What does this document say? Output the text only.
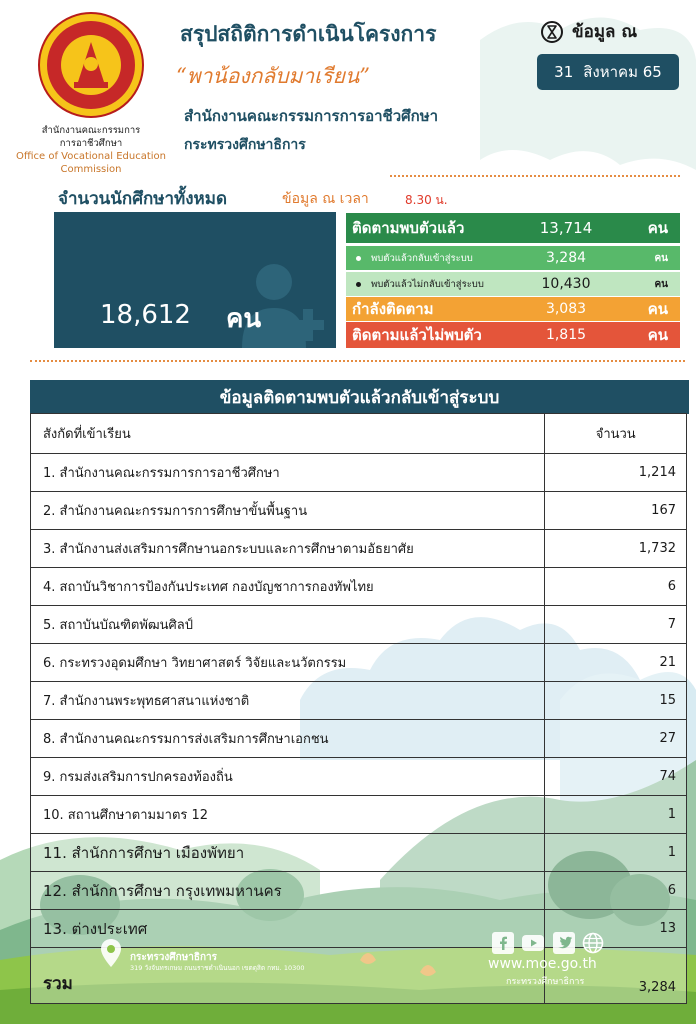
สำนักงานคณะกรรมการ
การอาชีวศึกษา
Office of Vocational Education
Commission
สรุปสถิติการดำเนินโครงการ
“พาน้องกลับมาเรียน”
สำนักงานคณะกรรมการการอาชีวศึกษา
กระทรวงศึกษาธิการ
ข้อมูล ณ
31 สิงหาคม 65
จำนวนนักศึกษาทั้งหมด	ข้อมูล ณ เวลา	8.30 น.
18,612 คน
ติดตามพบตัวแล้ว	13,714	คน
พบตัวแล้วกลับเข้าสู่ระบบ	3,284	คน
พบตัวแล้วไม่กลับเข้าสู่ระบบ	10,430	คน
กำลังติดตาม	3,083	คน
ติดตามแล้วไม่พบตัว	1,815	คน
ข้อมูลติดตามพบตัวแล้วกลับเข้าสู่ระบบ
สังกัดที่เข้าเรียน	จำนวน
1. สำนักงานคณะกรรมการการอาชีวศึกษา	1,214
2. สำนักงานคณะกรรมการการศึกษาขั้นพื้นฐาน	167
3. สำนักงานส่งเสริมการศึกษานอกระบบและการศึกษาตามอัธยาศัย	1,732
4. สถาบันวิชาการป้องกันประเทศ กองบัญชาการกองทัพไทย	6
5. สถาบันบัณฑิตพัฒนศิลป์	7
6. กระทรวงอุดมศึกษา วิทยาศาสตร์ วิจัยและนวัตกรรม	21
7. สำนักงานพระพุทธศาสนาแห่งชาติ	15
8. สำนักงานคณะกรรมการส่งเสริมการศึกษาเอกชน	27
9. กรมส่งเสริมการปกครองท้องถิ่น	74
10. สถานศึกษาตามมาตร 12	1
11. สำนักการศึกษา เมืองพัทยา	1
12. สำนักการศึกษา กรุงเทพมหานคร	6
13. ต่างประเทศ	13
รวม	3,284
กระทรวงศึกษาธิการ
319 วังจันทรเกษม ถนนราชดำเนินนอก เขตดุสิต กทม. 10300	www.moe.go.th
กระทรวงศึกษาธิการ
